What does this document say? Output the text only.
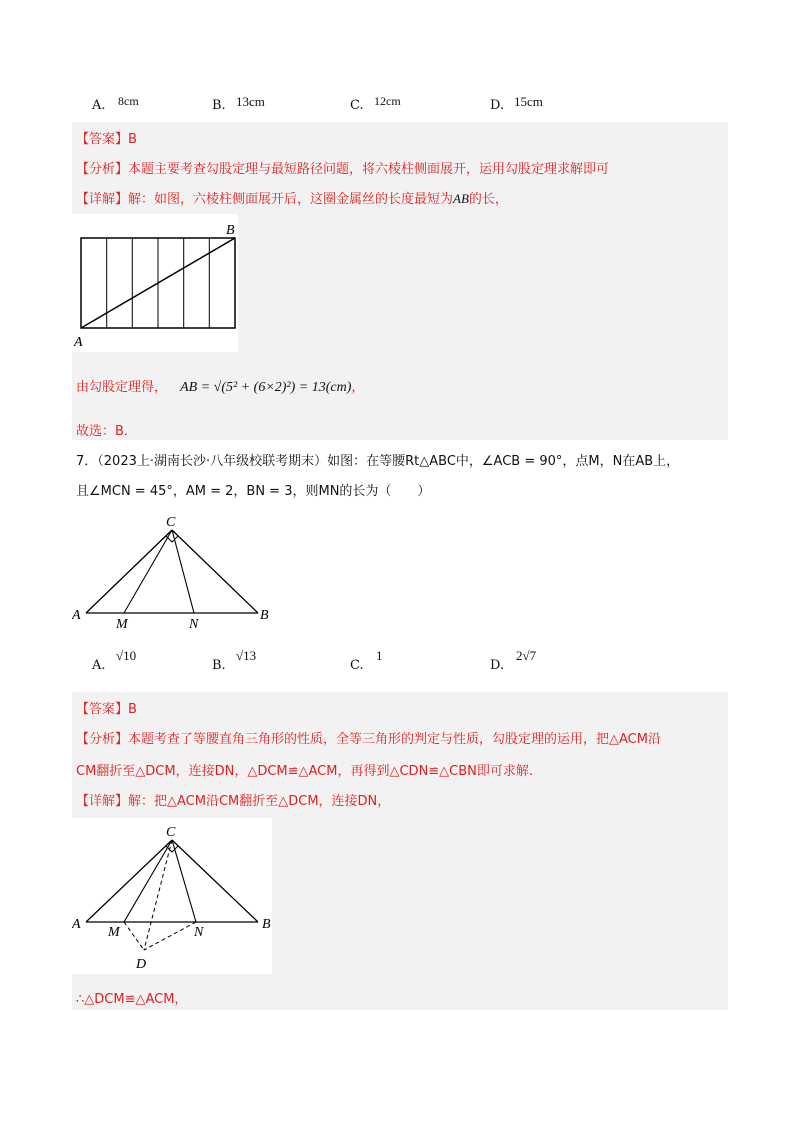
A. 8cm	B. 13cm	C. 12cm	D. 15cm
【答案】B
【分析】本题主要考查勾股定理与最短路径问题，将六棱柱侧面展开，运用勾股定理求解即可
【详解】解：如图，六棱柱侧面展开后，这圈金属丝的长度最短为AB的长，
A
B
由勾股定理得， AB = √(5² + (6×2)²) = 13(cm)，
故选：B．
7．（2023上·湖南长沙·八年级校联考期末）如图：在等腰Rt△ABC中，∠ACB = 90°，点M，N在AB上，
且∠MCN = 45°，AM = 2，BN = 3，则MN的长为（　　）
C
A	B
M	N
A.
√10
B.
√13
C.
1
D.
2√7
【答案】B
【分析】本题考查了等腰直角三角形的性质，全等三角形的判定与性质，勾股定理的运用，把△ACM沿
CM翻折至△DCM，连接DN，△DCM≌△ACM，再得到△CDN≌△CBN即可求解.
【详解】解：把△ACM沿CM翻折至△DCM，连接DN，
C
A	B
M	N
D
∴△DCM≌△ACM，
